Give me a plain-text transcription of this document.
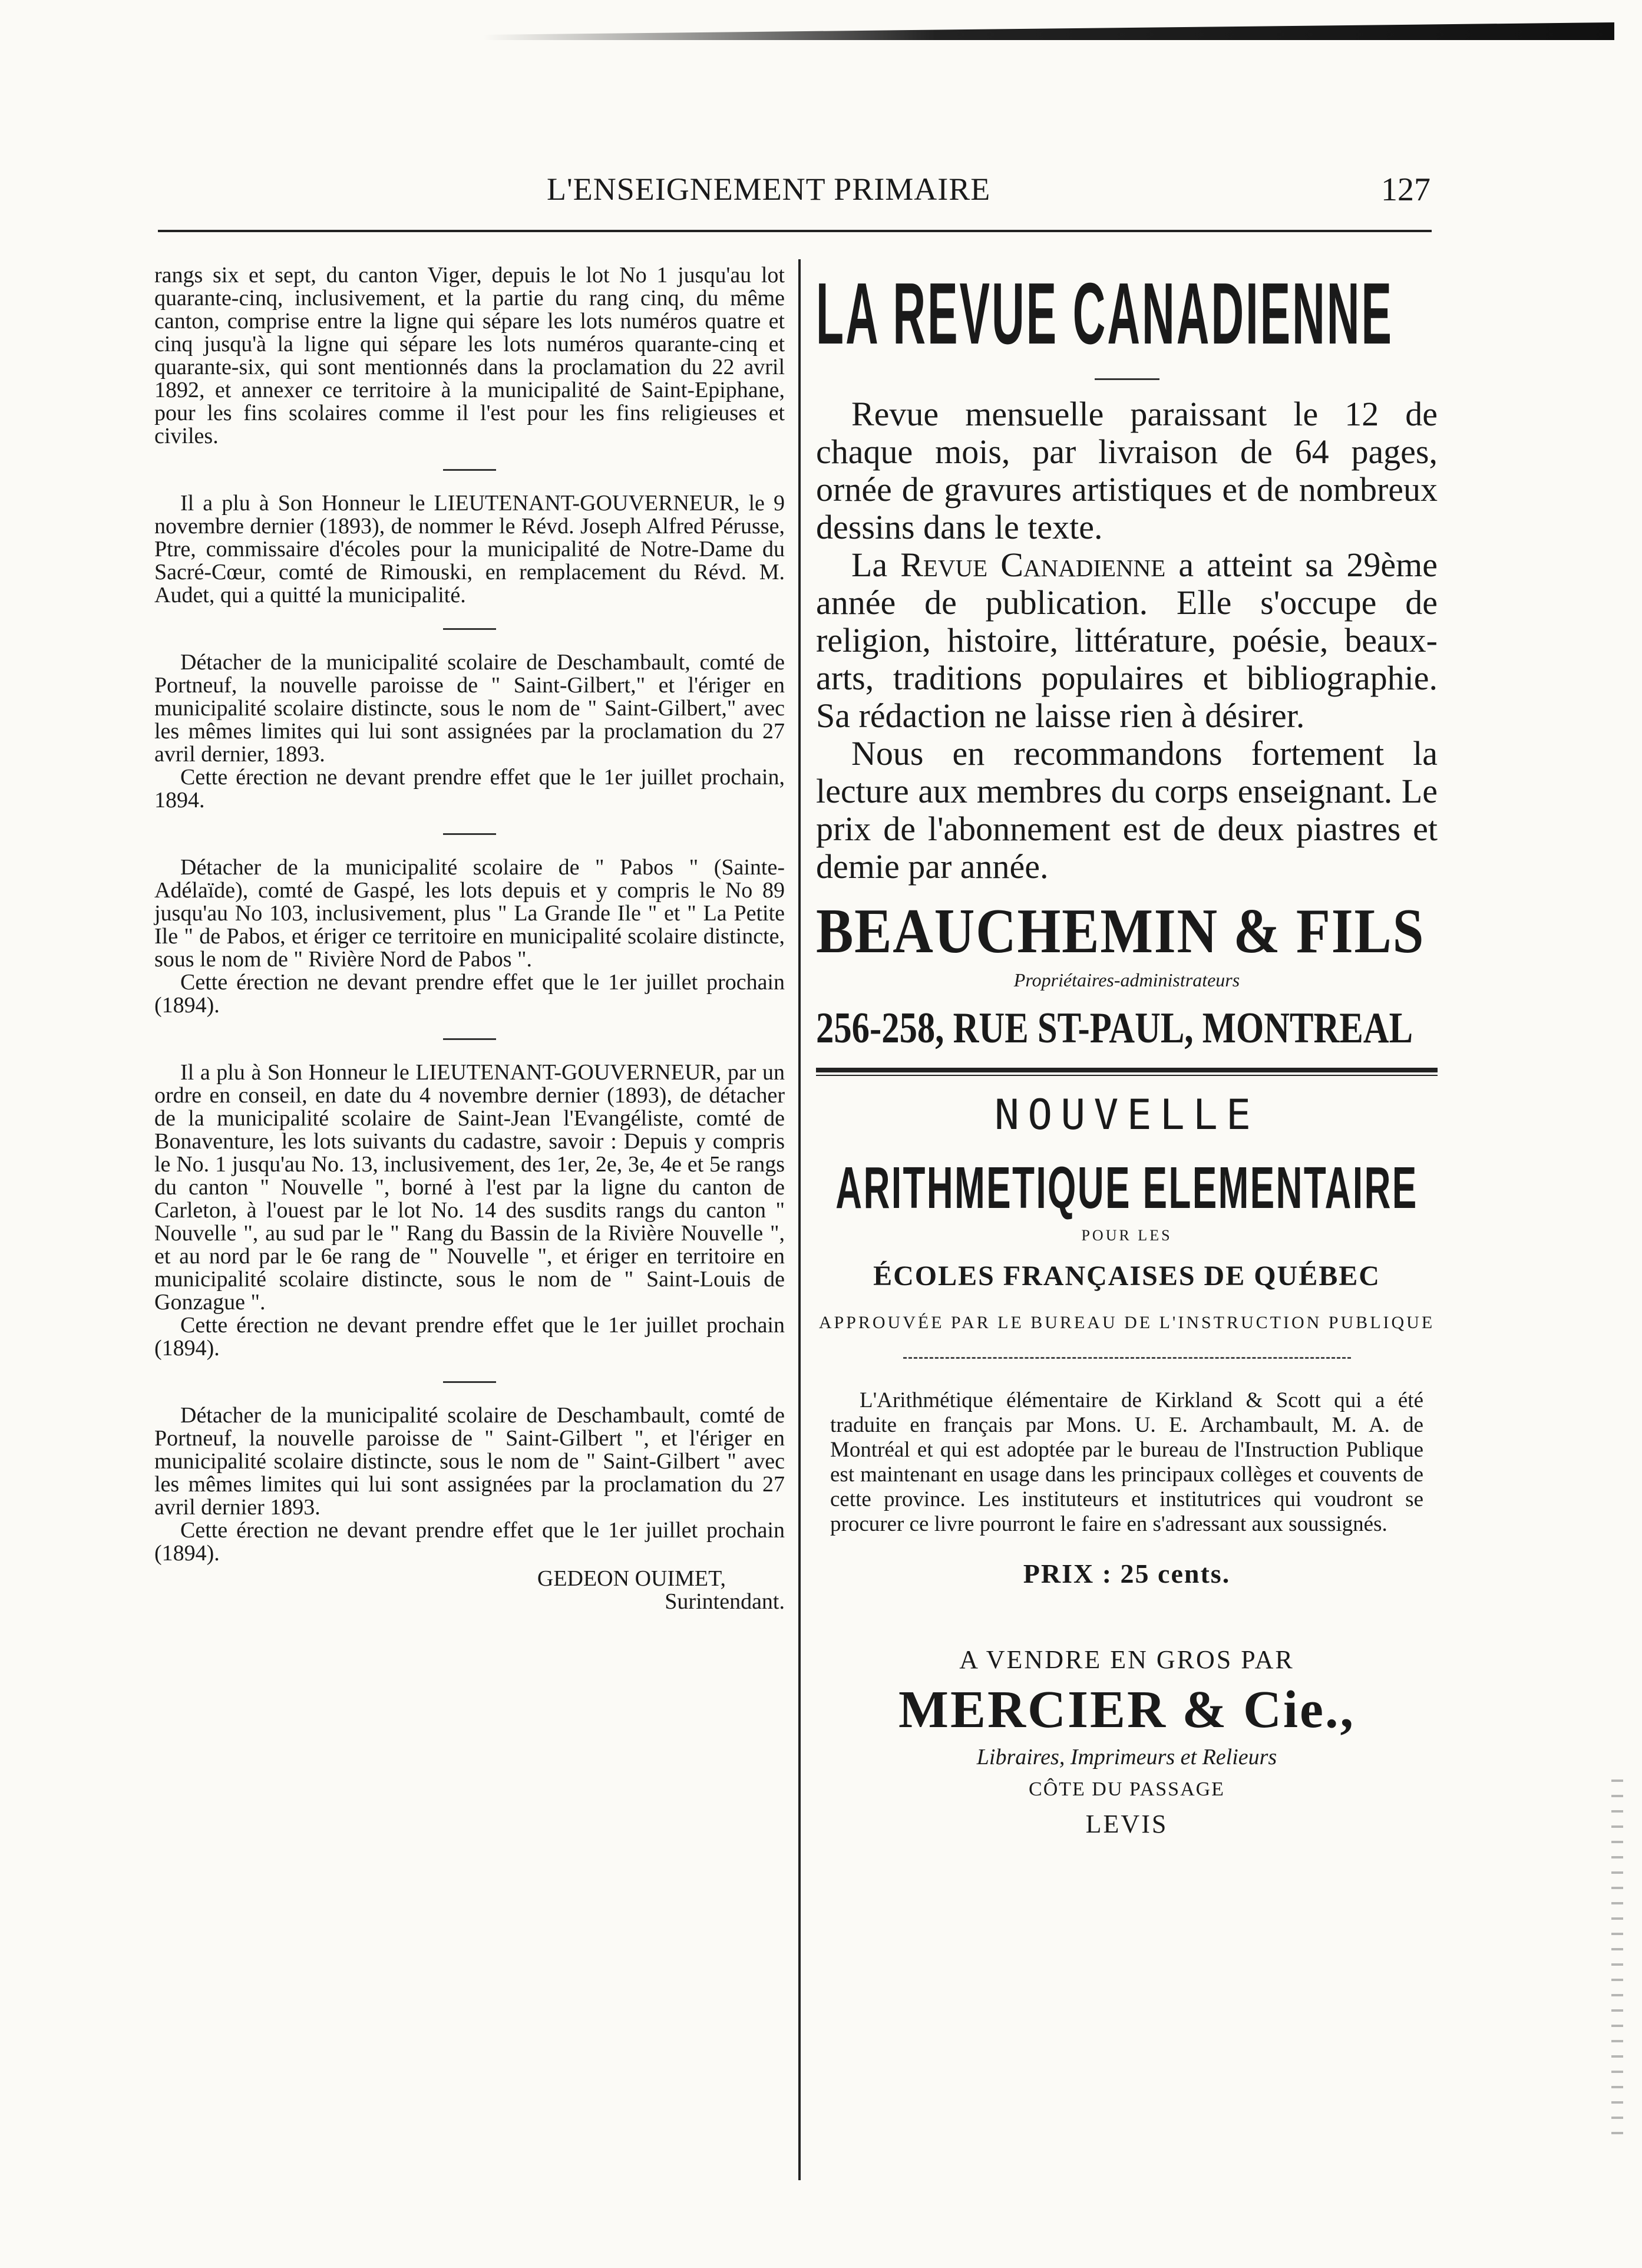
L'ENSEIGNEMENT PRIMAIRE	127

rangs six et sept, du canton Viger, depuis le lot No 1 jusqu'au lot quarante-cinq, inclusivement, et la partie du rang cinq, du même canton, comprise entre la ligne qui sépare les lots numéros quatre et cinq jusqu'à la ligne qui sépare les lots numéros quarante-cinq et quarante-six, qui sont mentionnés dans la proclamation du 22 avril 1892, et annexer ce territoire à la municipalité de Saint-Epiphane, pour les fins scolaires comme il l'est pour les fins religieuses et civiles.

Il a plu à Son Honneur le LIEUTENANT-GOUVERNEUR, le 9 novembre dernier (1893), de nommer le Révd. Joseph Alfred Pérusse, Ptre, commissaire d'écoles pour la municipalité de Notre-Dame du Sacré-Cœur, comté de Rimouski, en remplacement du Révd. M. Audet, qui a quitté la municipalité.

Détacher de la municipalité scolaire de Deschambault, comté de Portneuf, la nouvelle paroisse de " Saint-Gilbert," et l'ériger en municipalité scolaire distincte, sous le nom de " Saint-Gilbert," avec les mêmes limites qui lui sont assignées par la proclamation du 27 avril dernier, 1893.

Cette érection ne devant prendre effet que le 1er juillet prochain, 1894.

Détacher de la municipalité scolaire de " Pabos " (Sainte-Adélaïde), comté de Gaspé, les lots depuis et y compris le No 89 jusqu'au No 103, inclusivement, plus " La Grande Ile " et " La Petite Ile " de Pabos, et ériger ce territoire en municipalité scolaire distincte, sous le nom de " Rivière Nord de Pabos ".

Cette érection ne devant prendre effet que le 1er juillet prochain (1894).

Il a plu à Son Honneur le LIEUTENANT-GOUVERNEUR, par un ordre en conseil, en date du 4 novembre dernier (1893), de détacher de la municipalité scolaire de Saint-Jean l'Evangéliste, comté de Bonaventure, les lots suivants du cadastre, savoir : Depuis y compris le No. 1 jusqu'au No. 13, inclusivement, des 1er, 2e, 3e, 4e et 5e rangs du canton " Nouvelle ", borné à l'est par la ligne du canton de Carleton, à l'ouest par le lot No. 14 des susdits rangs du canton " Nouvelle ", au sud par le " Rang du Bassin de la Rivière Nouvelle ", et au nord par le 6e rang de " Nouvelle ", et ériger en territoire en municipalité scolaire distincte, sous le nom de " Saint-Louis de Gonzague ".

Cette érection ne devant prendre effet que le 1er juillet prochain (1894).

Détacher de la municipalité scolaire de Deschambault, comté de Portneuf, la nouvelle paroisse de " Saint-Gilbert ", et l'ériger en municipalité scolaire distincte, sous le nom de " Saint-Gilbert " avec les mêmes limites qui lui sont assignées par la proclamation du 27 avril dernier 1893.

Cette érection ne devant prendre effet que le 1er juillet prochain (1894).

GEDEON OUIMET,
Surintendant.
LA REVUE CANADIENNE

Revue mensuelle paraissant le 12 de chaque mois, par livraison de 64 pages, ornée de gravures artistiques et de nombreux dessins dans le texte.

La Revue Canadienne a atteint sa 29ème année de publication. Elle s'occupe de religion, histoire, littérature, poésie, beaux-arts, traditions populaires et bibliographie. Sa rédaction ne laisse rien à désirer.

Nous en recommandons fortement la lecture aux membres du corps enseignant. Le prix de l'abonnement est de deux piastres et demie par année.

BEAUCHEMIN & FILS
Propriétaires-administrateurs
256-258, RUE ST-PAUL, MONTREAL
NOUVELLE
ARITHMETIQUE ELEMENTAIRE
POUR LES
ÉCOLES FRANÇAISES DE QUÉBEC
APPROUVÉE PAR LE BUREAU DE L'INSTRUCTION PUBLIQUE

L'Arithmétique élémentaire de Kirkland & Scott qui a été traduite en français par Mons. U. E. Archambault, M. A. de Montréal et qui est adoptée par le bureau de l'Instruction Publique est maintenant en usage dans les principaux collèges et couvents de cette province. Les instituteurs et institutrices qui voudront se procurer ce livre pourront le faire en s'adressant aux soussignés.

PRIX : 25 cents.
A VENDRE EN GROS PAR
MERCIER & Cie.,
Libraires, Imprimeurs et Relieurs
CÔTE DU PASSAGE
LEVIS
